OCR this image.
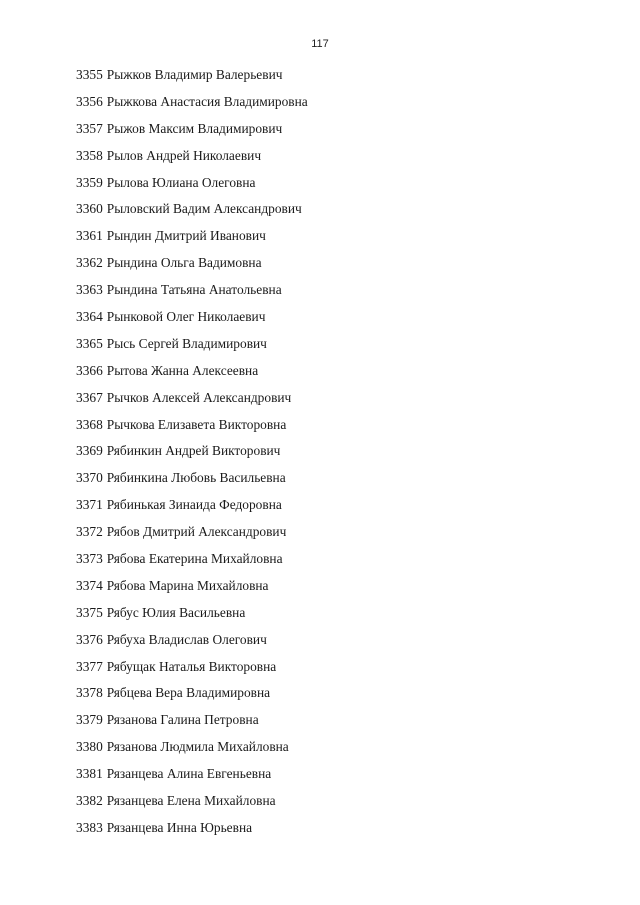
117
3355 Рыжков Владимир Валерьевич
3356 Рыжкова Анастасия Владимировна
3357 Рыжов Максим Владимирович
3358 Рылов Андрей Николаевич
3359 Рылова Юлиана Олеговна
3360 Рыловский Вадим Александрович
3361 Рындин Дмитрий Иванович
3362 Рындина Ольга Вадимовна
3363 Рындина Татьяна Анатольевна
3364 Рынковой Олег Николаевич
3365 Рысь Сергей Владимирович
3366 Рытова Жанна Алексеевна
3367 Рычков Алексей Александрович
3368 Рычкова Елизавета Викторовна
3369 Рябинкин Андрей Викторович
3370 Рябинкина Любовь Васильевна
3371 Рябинькая Зинаида Федоровна
3372 Рябов Дмитрий Александрович
3373 Рябова Екатерина Михайловна
3374 Рябова Марина Михайловна
3375 Рябус Юлия Васильевна
3376 Рябуха Владислав Олегович
3377 Рябущак Наталья Викторовна
3378 Рябцева Вера Владимировна
3379 Рязанова Галина Петровна
3380 Рязанова Людмила Михайловна
3381 Рязанцева Алина Евгеньевна
3382 Рязанцева Елена Михайловна
3383 Рязанцева Инна Юрьевна
